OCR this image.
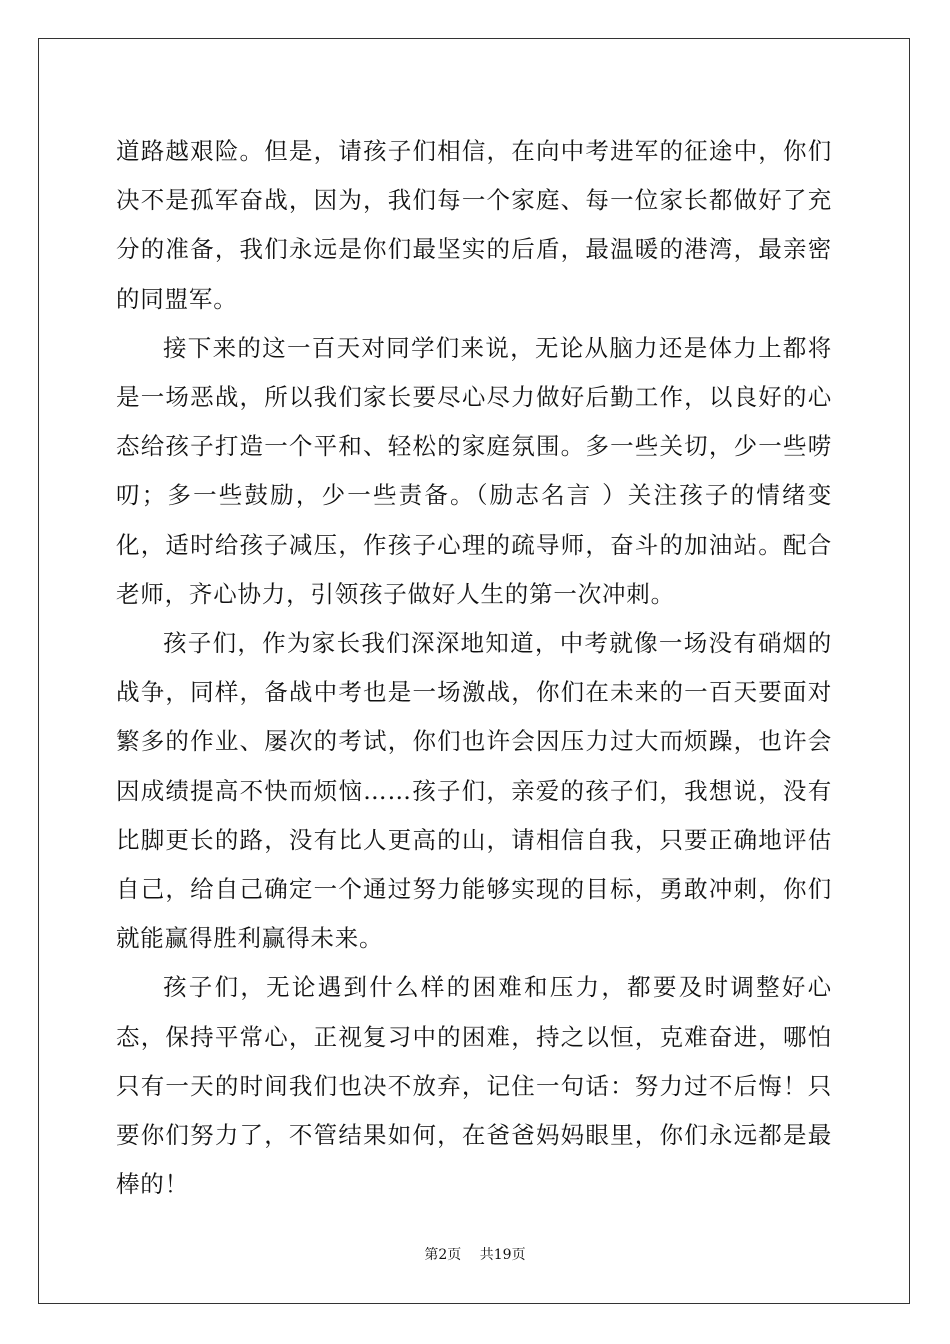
道路越艰险。但是，请孩子们相信，在向中考进军的征途中，你们决不是孤军奋战，因为，我们每一个家庭、每一位家长都做好了充分的准备，我们永远是你们最坚实的后盾，最温暖的港湾，最亲密的同盟军。

接下来的这一百天对同学们来说，无论从脑力还是体力上都将是一场恶战，所以我们家长要尽心尽力做好后勤工作，以良好的心态给孩子打造一个平和、轻松的家庭氛围。多一些关切，少一些唠叨；多一些鼓励，少一些责备。（励志名言 ）关注孩子的情绪变化，适时给孩子减压，作孩子心理的疏导师，奋斗的加油站。配合老师，齐心协力，引领孩子做好人生的第一次冲刺。

孩子们，作为家长我们深深地知道，中考就像一场没有硝烟的战争，同样，备战中考也是一场激战，你们在未来的一百天要面对繁多的作业、屡次的考试，你们也许会因压力过大而烦躁，也许会因成绩提高不快而烦恼……孩子们，亲爱的孩子们，我想说，没有比脚更长的路，没有比人更高的山，请相信自我，只要正确地评估自己，给自己确定一个通过努力能够实现的目标，勇敢冲刺，你们就能赢得胜利赢得未来。

孩子们，无论遇到什么样的困难和压力，都要及时调整好心态，保持平常心，正视复习中的困难，持之以恒，克难奋进，哪怕只有一天的时间我们也决不放弃，记住一句话：努力过不后悔！只要你们努力了，不管结果如何，在爸爸妈妈眼里，你们永远都是最棒的！

第2页 共19页
